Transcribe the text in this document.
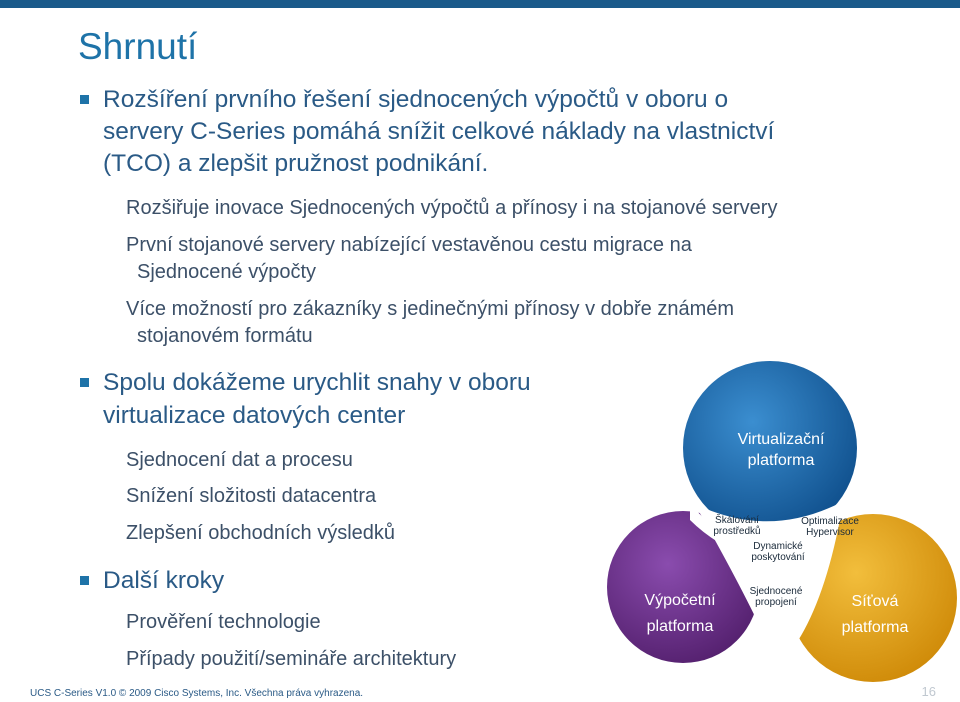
Shrnutí
Rozšíření prvního řešení sjednocených výpočtů v oboru o
servery C-Series pomáhá snížit celkové náklady na vlastnictví
(TCO) a zlepšit pružnost podnikání.
Rozšiřuje inovace Sjednocených výpočtů a přínosy i na stojanové servery
První stojanové servery nabízející vestavěnou cestu migrace na
Sjednocené výpočty
Více možností pro zákazníky s jedinečnými přínosy v dobře známém
stojanovém formátu
Spolu dokážeme urychlit snahy v oboru
virtualizace datových center
Sjednocení dat a procesu
Snížení složitosti datacentra
Zlepšení obchodních výsledků
Další kroky
Prověření technologie
Případy použití/semináře architektury
Virtualizační
platforma
Výpočetní
platforma
Síťová
platforma
Škálování
prostředků
Optimalizace
Hypervisor
Dynamické
poskytování
Sjednocené
propojení
UCS C-Series V1.0 © 2009 Cisco Systems, Inc. Všechna práva vyhrazena.	16
